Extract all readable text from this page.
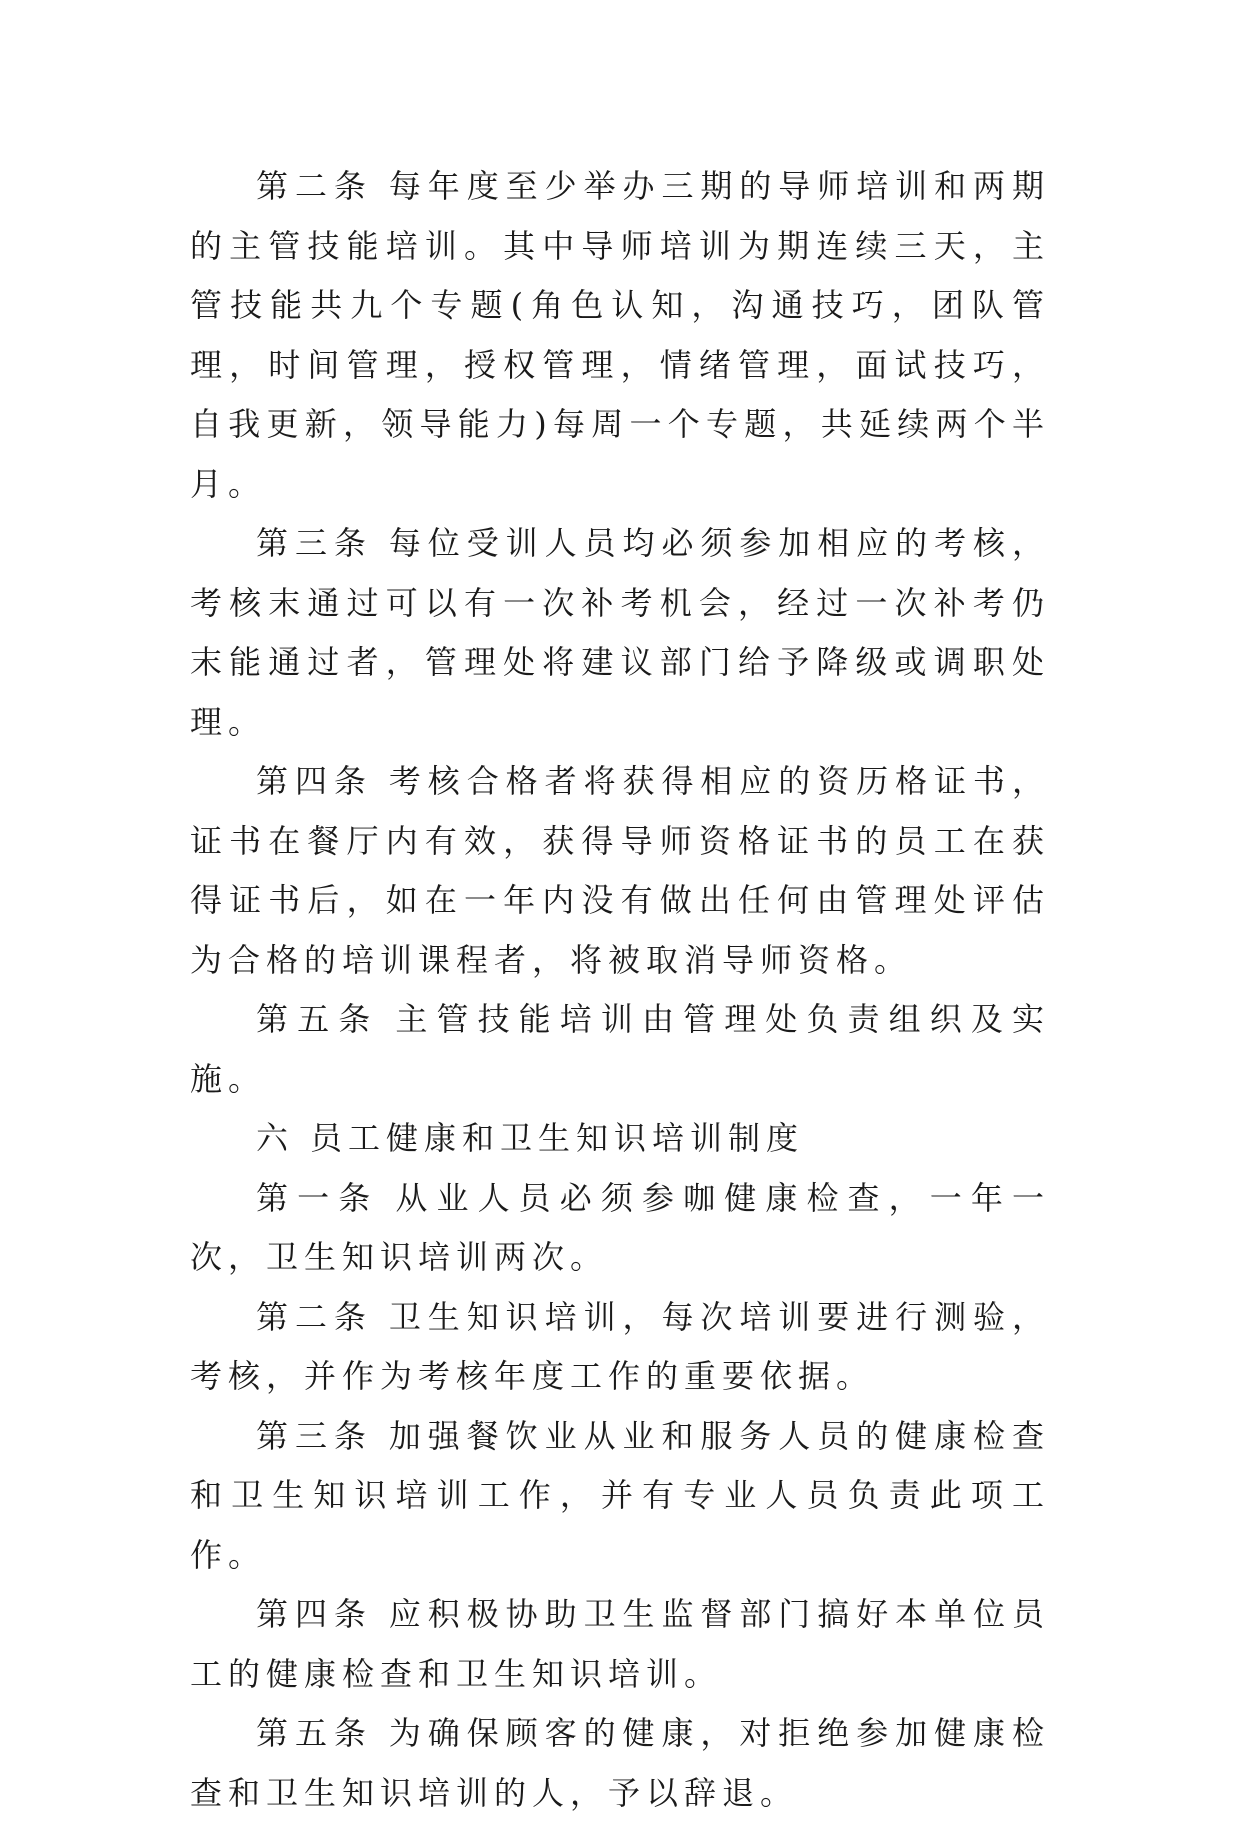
第二条 每年度至少举办三期的导师培训和两期的主管技能培训。其中导师培训为期连续三天，主管技能共九个专题(角色认知，沟通技巧，团队管理，时间管理，授权管理，情绪管理，面试技巧，自我更新，领导能力)每周一个专题，共延续两个半月。

第三条 每位受训人员均必须参加相应的考核，考核末通过可以有一次补考机会，经过一次补考仍末能通过者，管理处将建议部门给予降级或调职处理。

第四条 考核合格者将获得相应的资历格证书，证书在餐厅内有效，获得导师资格证书的员工在获得证书后，如在一年内没有做出任何由管理处评估为合格的培训课程者，将被取消导师资格。

第五条 主管技能培训由管理处负责组织及实施。

六 员工健康和卫生知识培训制度

第一条 从业人员必须参咖健康检查，一年一次，卫生知识培训两次。

第二条 卫生知识培训，每次培训要进行测验，考核，并作为考核年度工作的重要依据。

第三条 加强餐饮业从业和服务人员的健康检查和卫生知识培训工作，并有专业人员负责此项工作。

第四条 应积极协助卫生监督部门搞好本单位员工的健康检查和卫生知识培训。

第五条 为确保顾客的健康，对拒绝参加健康检查和卫生知识培训的人，予以辞退。
